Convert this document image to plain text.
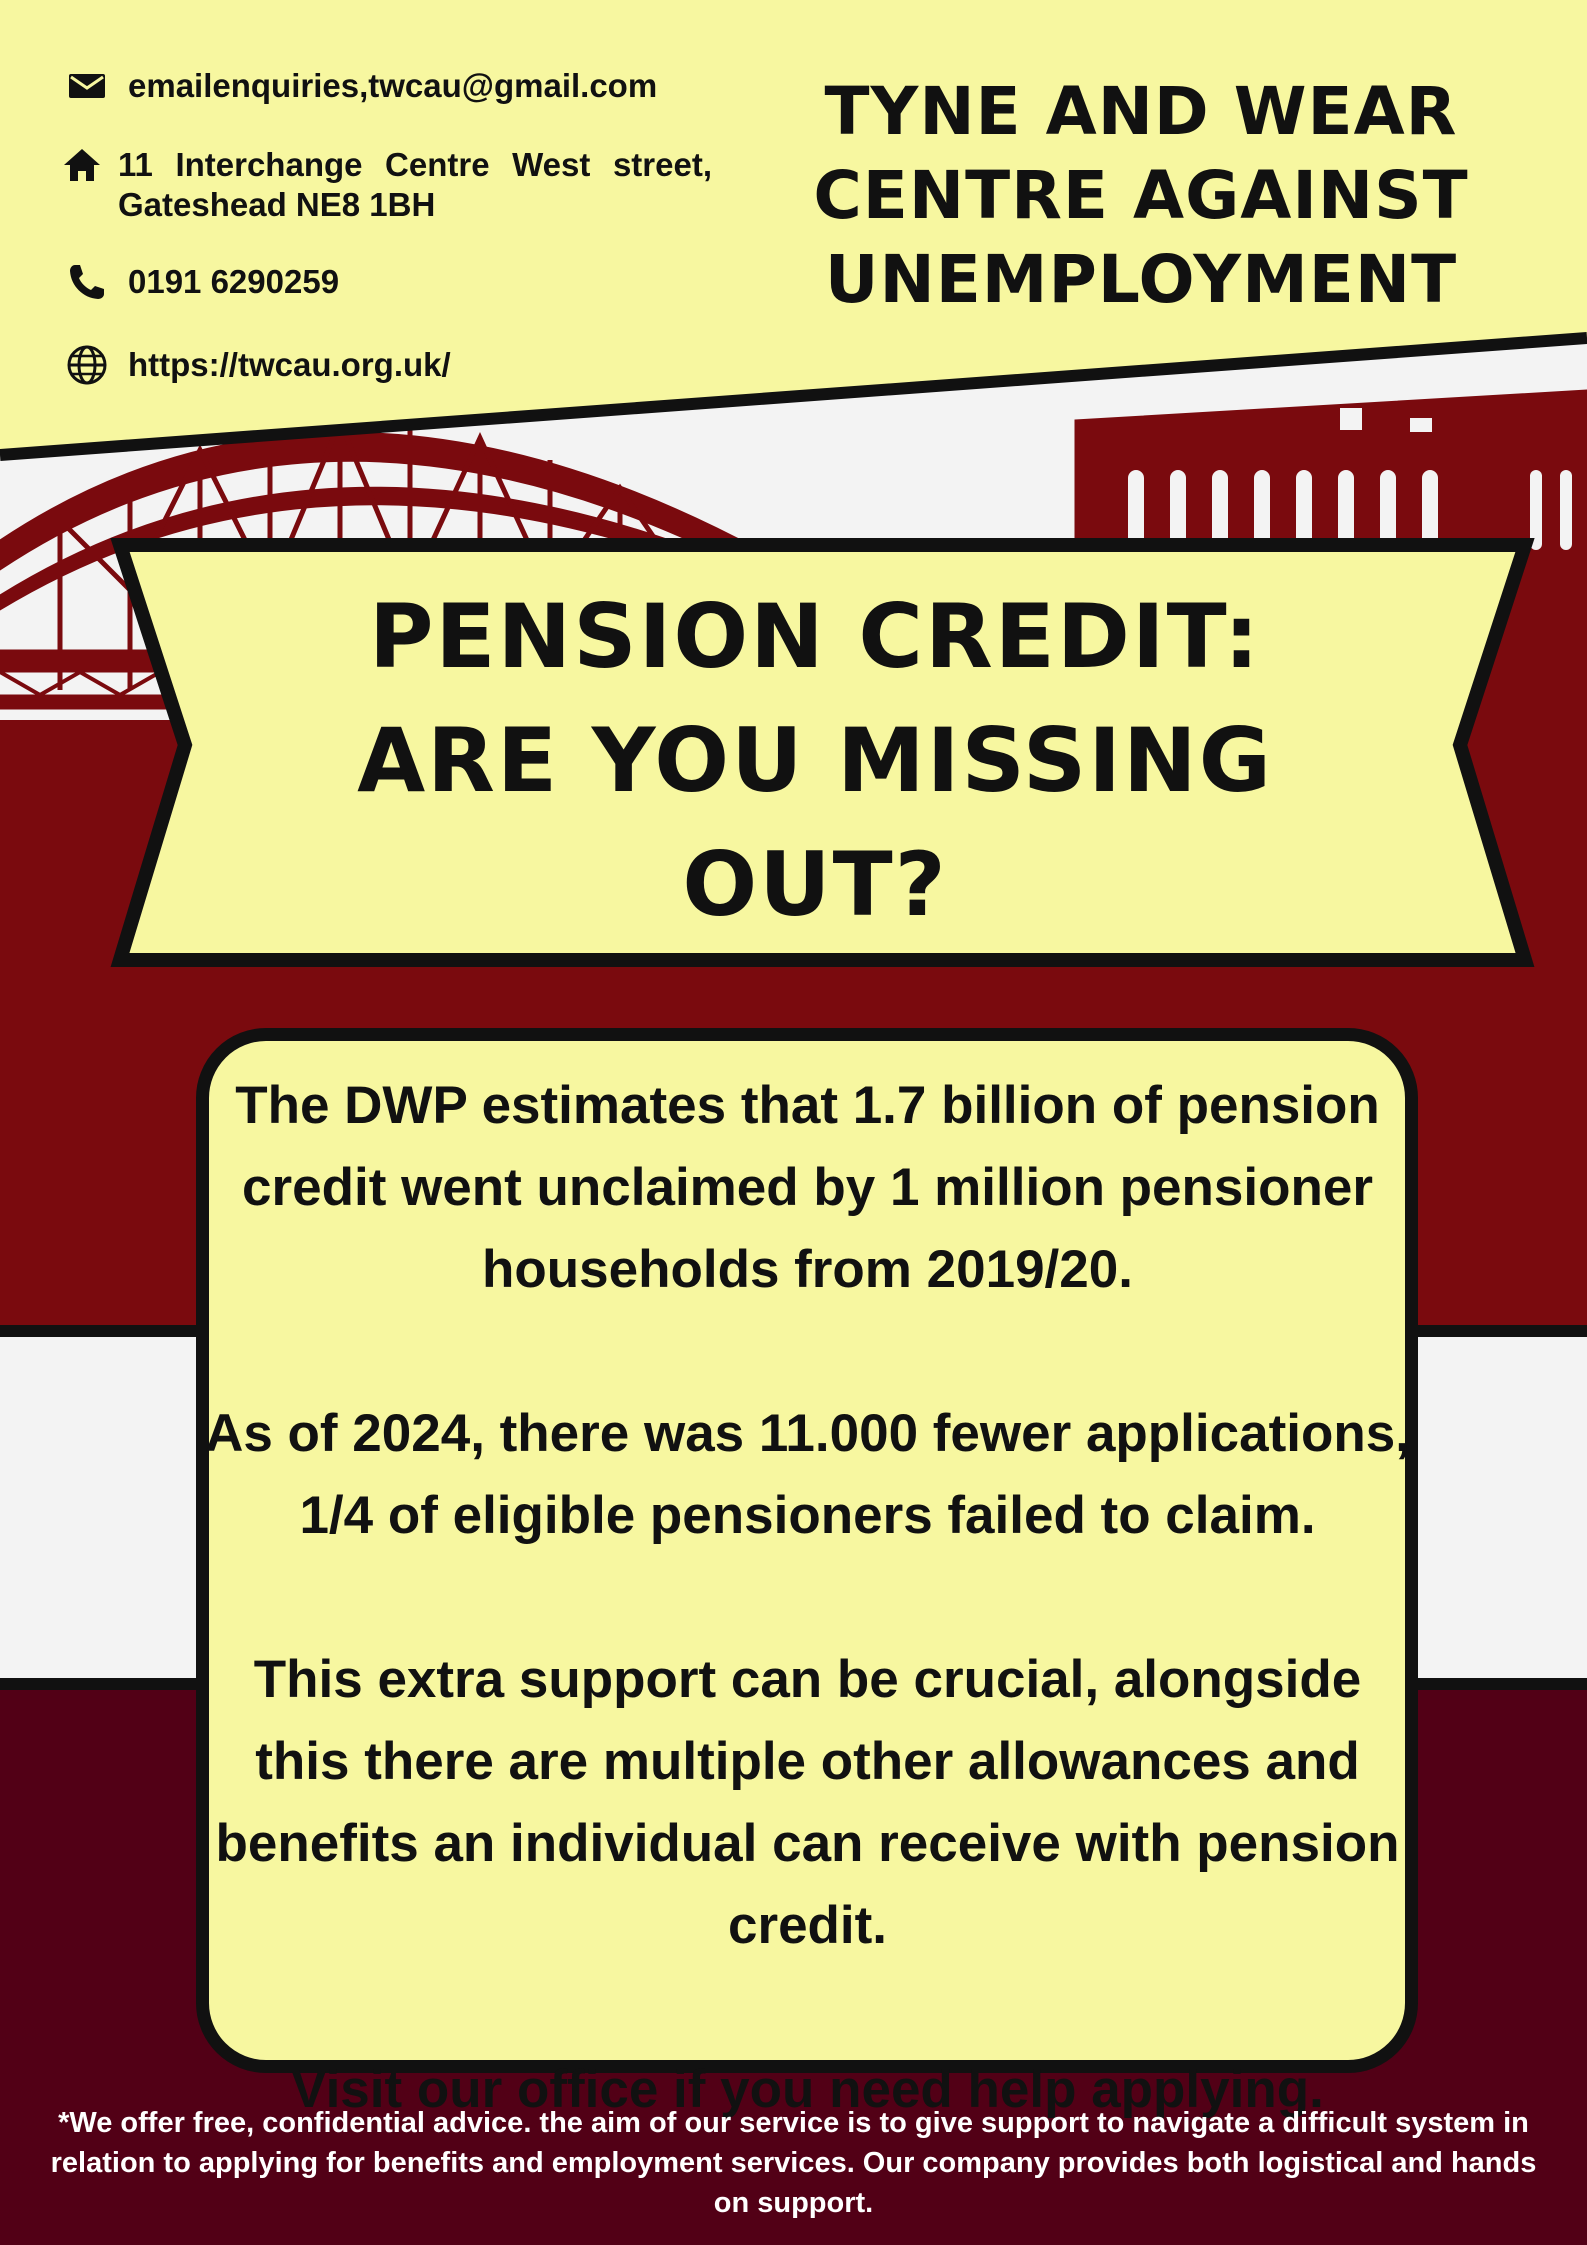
emailenquiries,twcau@gmail.com
11 Interchange Centre West street, Gateshead NE8 1BH
0191 6290259
https://twcau.org.uk/
TYNE AND WEAR
CENTRE AGAINST
UNEMPLOYMENT
PENSION CREDIT:
ARE YOU MISSING
OUT?

The DWP estimates that 1.7 billion of pension credit went unclaimed by 1 million pensioner households from 2019/20.

As of 2024, there was 11.000 fewer applications, 1/4 of eligible pensioners failed to claim.

This extra support can be crucial, alongside this there are multiple other allowances and benefits an individual can receive with pension credit.

Visit our office if you need help applying.

*We offer free, confidential advice. the aim of our service is to give support to navigate a difficult system in relation to applying for benefits and employment services. Our company provides both logistical and hands on support.
